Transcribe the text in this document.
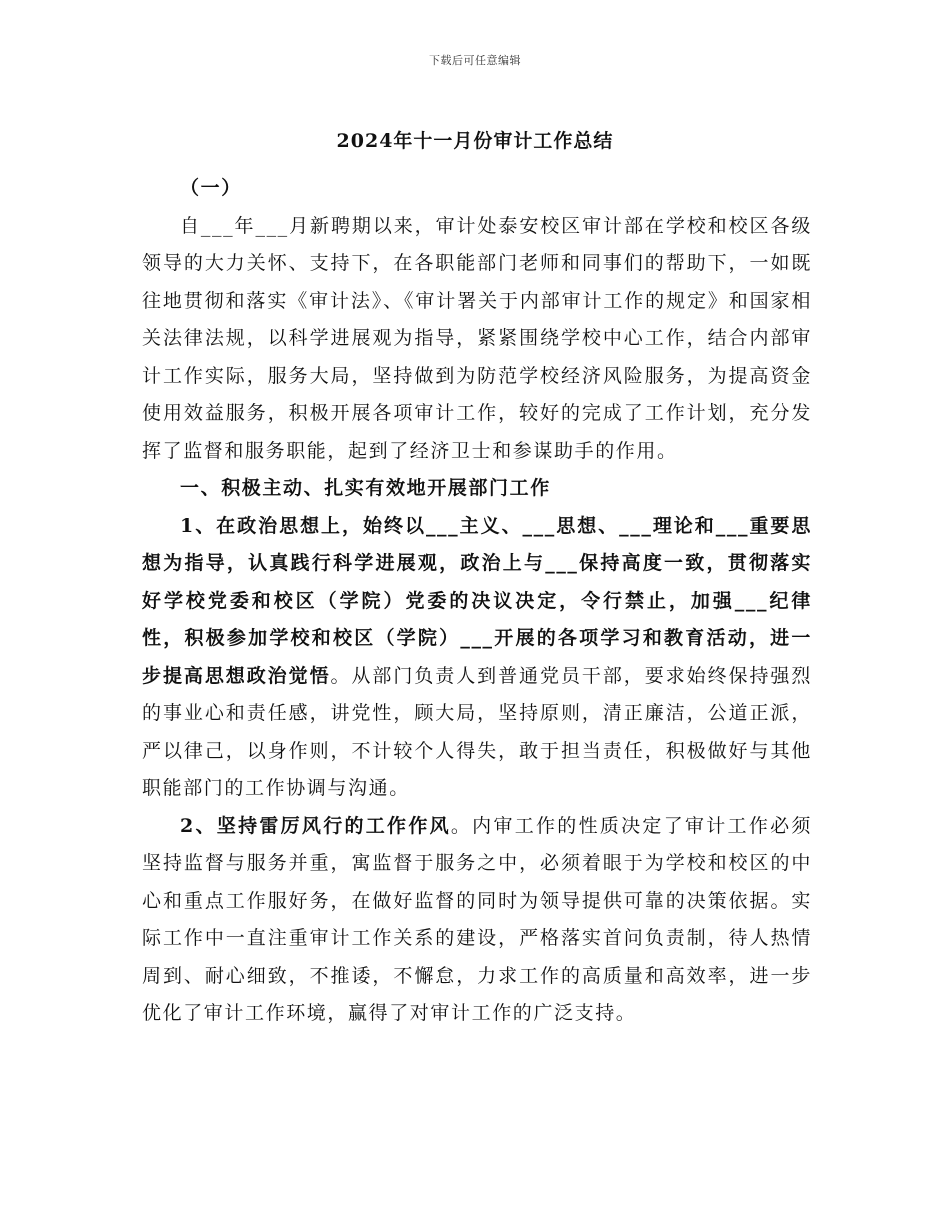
下载后可任意编辑
2024年十一月份审计工作总结

（一）

自___年___月新聘期以来，审计处泰安校区审计部在学校和校区各级领导的大力关怀、支持下，在各职能部门老师和同事们的帮助下，一如既往地贯彻和落实《审计法》、《审计署关于内部审计工作的规定》和国家相关法律法规，以科学进展观为指导，紧紧围绕学校中心工作，结合内部审计工作实际，服务大局，坚持做到为防范学校经济风险服务，为提高资金使用效益服务，积极开展各项审计工作，较好的完成了工作计划，充分发挥了监督和服务职能，起到了经济卫士和参谋助手的作用。

一、积极主动、扎实有效地开展部门工作

1、在政治思想上，始终以___主义、___思想、___理论和___重要思想为指导，认真践行科学进展观，政治上与___保持高度一致，贯彻落实好学校党委和校区（学院）党委的决议决定，令行禁止，加强___纪律性，积极参加学校和校区（学院）___开展的各项学习和教育活动，进一步提高思想政治觉悟。从部门负责人到普通党员干部，要求始终保持强烈的事业心和责任感，讲党性，顾大局，坚持原则，清正廉洁，公道正派，严以律己，以身作则，不计较个人得失，敢于担当责任，积极做好与其他职能部门的工作协调与沟通。

2、坚持雷厉风行的工作作风。内审工作的性质决定了审计工作必须坚持监督与服务并重，寓监督于服务之中，必须着眼于为学校和校区的中心和重点工作服好务，在做好监督的同时为领导提供可靠的决策依据。实际工作中一直注重审计工作关系的建设，严格落实首问负责制，待人热情周到、耐心细致，不推诿，不懈怠，力求工作的高质量和高效率，进一步优化了审计工作环境，赢得了对审计工作的广泛支持。
